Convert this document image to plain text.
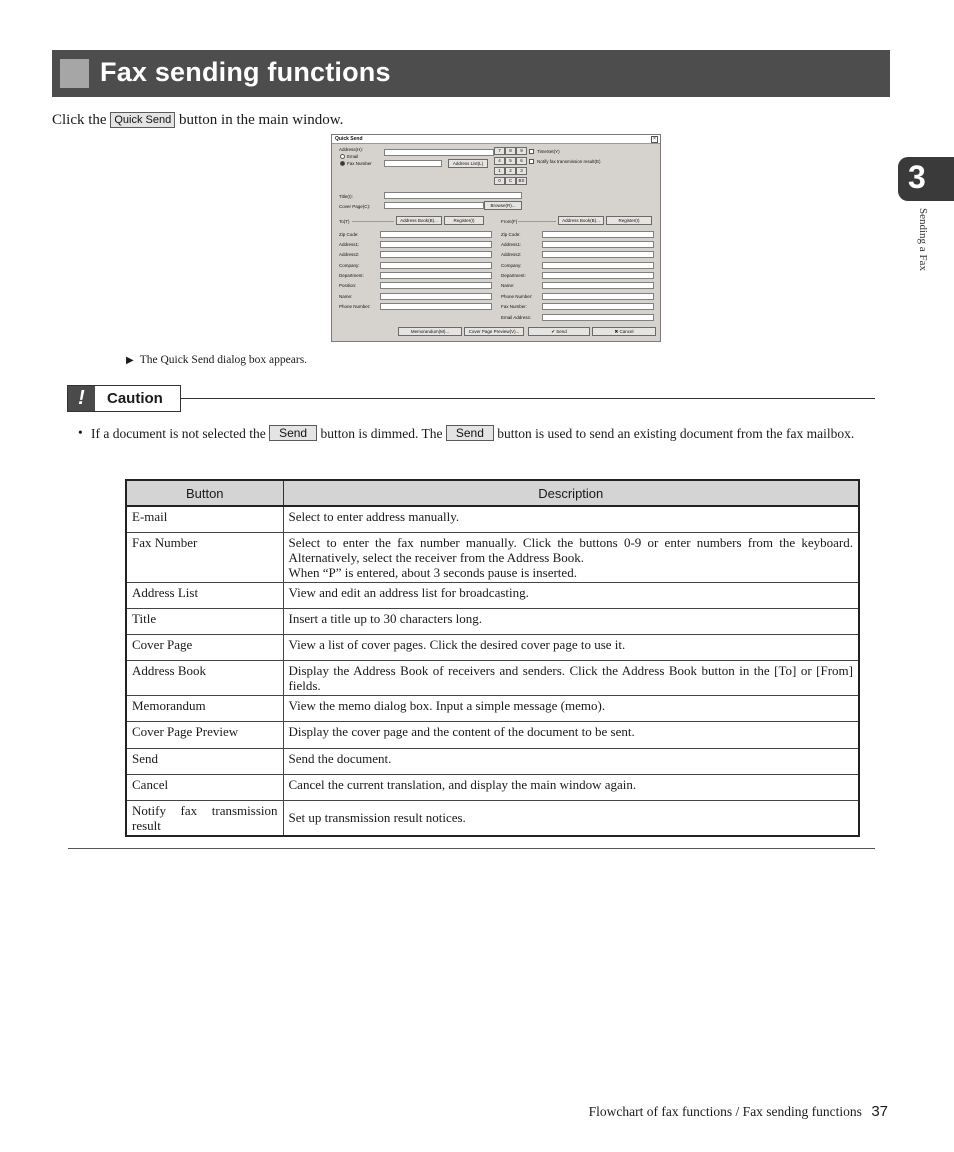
Fax sending functions
3
Sending a Fax
Click the Quick Send button in the main window.
Quick Send	×
Address(H):
Email
Fax Number	Address List(L)
7	8	9
4	5	6
1	2	3
0	C	BS
TimeSet(Y)
Notify fax transmission result(E)
Title(I):
Cover Page(C):	Browse(R)...
To(T)	Address Book(B)...	Register(I)	From(F)	Address Book(B)...	Register(I)
Zip Code:
Address1:
Address2:
Company:
Department:
Position:
Name:
Phone Number:
Zip Code:
Address1:
Address2:
Company:
Department:
Name:
Phone Number:
Fax Number:
Email Address:
Memorandum(M)...	Cover Page Preview(V)...	✔ Send	✖ Cancel
▶ The Quick Send dialog box appears.
!	Caution
• If a document is not selected the Send button is dimmed. The Send button is used to send an existing document from the fax mailbox.
Button	Description
E-mail	Select to enter address manually.
Fax Number	Select to enter the fax number manually. Click the buttons 0-9 or enter numbers from the keyboard. Alternatively, select the receiver from the Address Book.
When “P” is entered, about 3 seconds pause is inserted.
Address List	View and edit an address list for broadcasting.
Title	Insert a title up to 30 characters long.
Cover Page	View a list of cover pages. Click the desired cover page to use it.
Address Book	Display the Address Book of receivers and senders. Click the Address Book button in the [To] or [From] fields.
Memorandum	View the memo dialog box. Input a simple message (memo).
Cover Page Preview	Display the cover page and the content of the document to be sent.
Send	Send the document.
Cancel	Cancel the current translation, and display the main window again.
Notify fax transmission result	Set up transmission result notices.
Flowchart of fax functions / Fax sending functions 37
